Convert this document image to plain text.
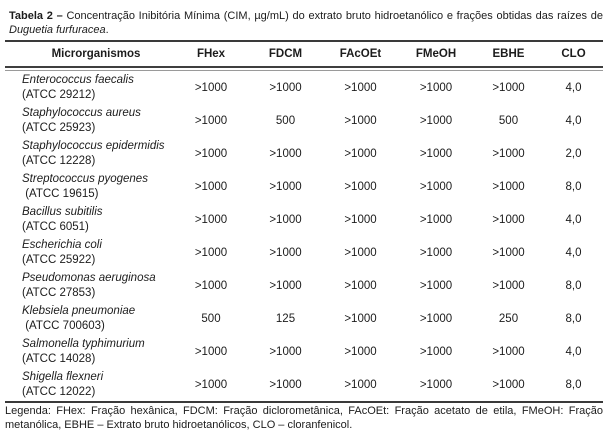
Tabela 2 – Concentração Inibitória Mínima (CIM, µg/mL) do extrato bruto hidroetanólico e frações obtidas das raízes de Duguetia furfuracea.

Microrganismos	FHex	FDCM	FAcOEt	FMeOH	EBHE	CLO
Enterococcus faecalis
(ATCC 29212)
>1000	>1000	>1000	>1000	>1000	4,0
Staphylococcus aureus
(ATCC 25923)
>1000	500	>1000	>1000	500	4,0
Staphylococcus epidermidis
(ATCC 12228)
>1000	>1000	>1000	>1000	>1000	2,0
Streptococcus pyogenes
(ATCC 19615)
>1000	>1000	>1000	>1000	>1000	8,0
Bacillus subitilis
(ATCC 6051)
>1000	>1000	>1000	>1000	>1000	4,0
Escherichia coli
(ATCC 25922)
>1000	>1000	>1000	>1000	>1000	4,0
Pseudomonas aeruginosa
(ATCC 27853)
>1000	>1000	>1000	>1000	>1000	8,0
Klebsiela pneumoniae
(ATCC 700603)
500	125	>1000	>1000	250	8,0
Salmonella typhimurium
(ATCC 14028)
>1000	>1000	>1000	>1000	>1000	4,0
Shigella flexneri
(ATCC 12022)
>1000	>1000	>1000	>1000	>1000	8,0

Legenda: FHex: Fração hexânica, FDCM: Fração diclorometânica, FAcOEt: Fração acetato de etila, FMeOH: Fração metanólica, EBHE – Extrato bruto hidroetanólicos, CLO – cloranfenicol.
